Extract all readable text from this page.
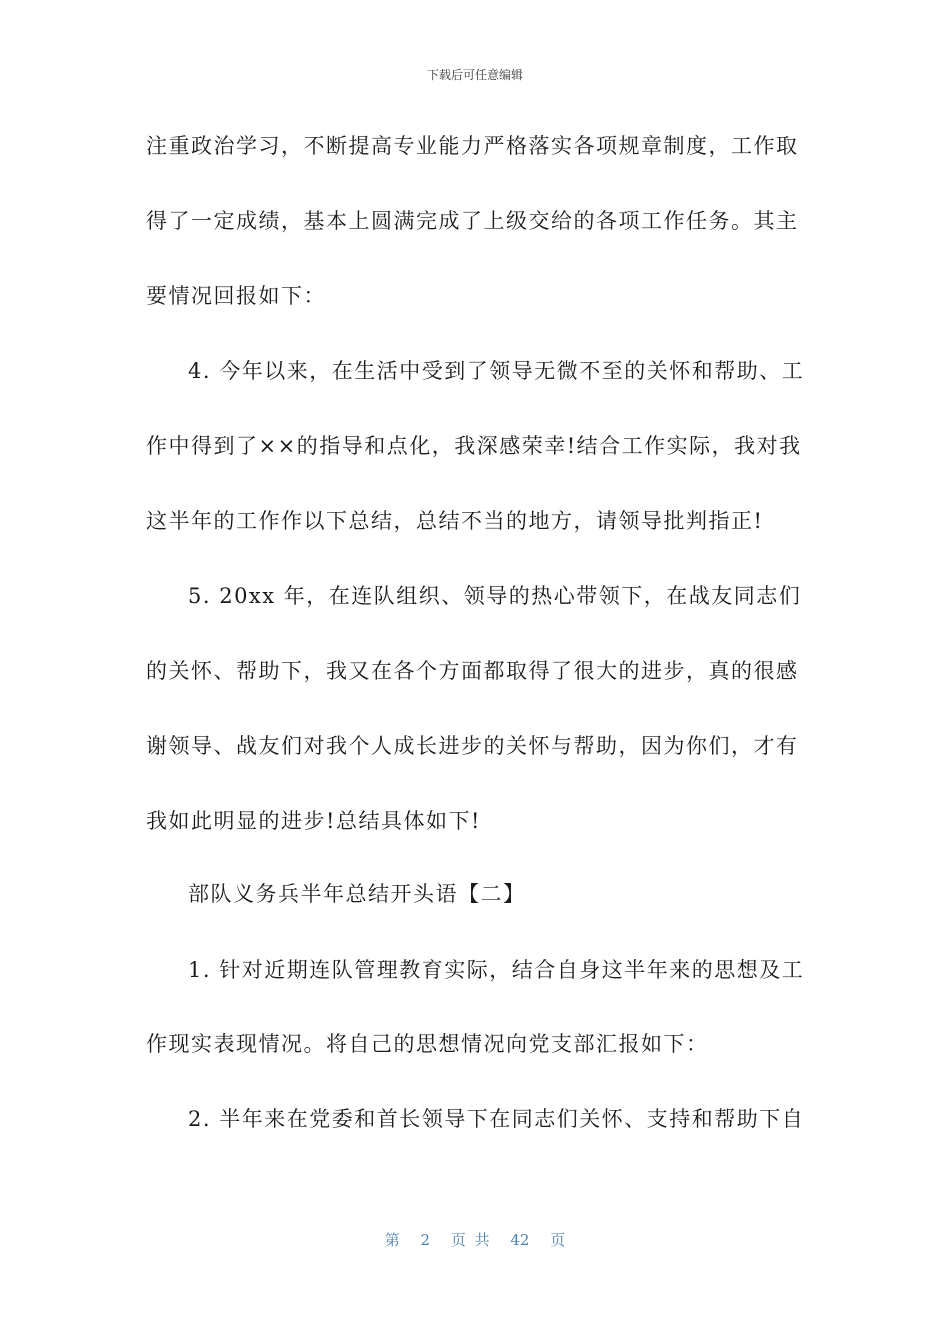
下载后可任意编辑
注重政治学习，不断提高专业能力严格落实各项规章制度，工作取
得了一定成绩，基本上圆满完成了上级交给的各项工作任务。其主
要情况回报如下：
4. 今年以来，在生活中受到了领导无微不至的关怀和帮助、工
作中得到了××的指导和点化，我深感荣幸!结合工作实际，我对我
这半年的工作作以下总结，总结不当的地方，请领导批判指正!
5. 20xx 年，在连队组织、领导的热心带领下，在战友同志们
的关怀、帮助下，我又在各个方面都取得了很大的进步，真的很感
谢领导、战友们对我个人成长进步的关怀与帮助，因为你们，才有
我如此明显的进步!总结具体如下!
部队义务兵半年总结开头语【二】
1. 针对近期连队管理教育实际，结合自身这半年来的思想及工
作现实表现情况。将自己的思想情况向党支部汇报如下：
2. 半年来在党委和首长领导下在同志们关怀、支持和帮助下自
第 2 页 共 42 页
